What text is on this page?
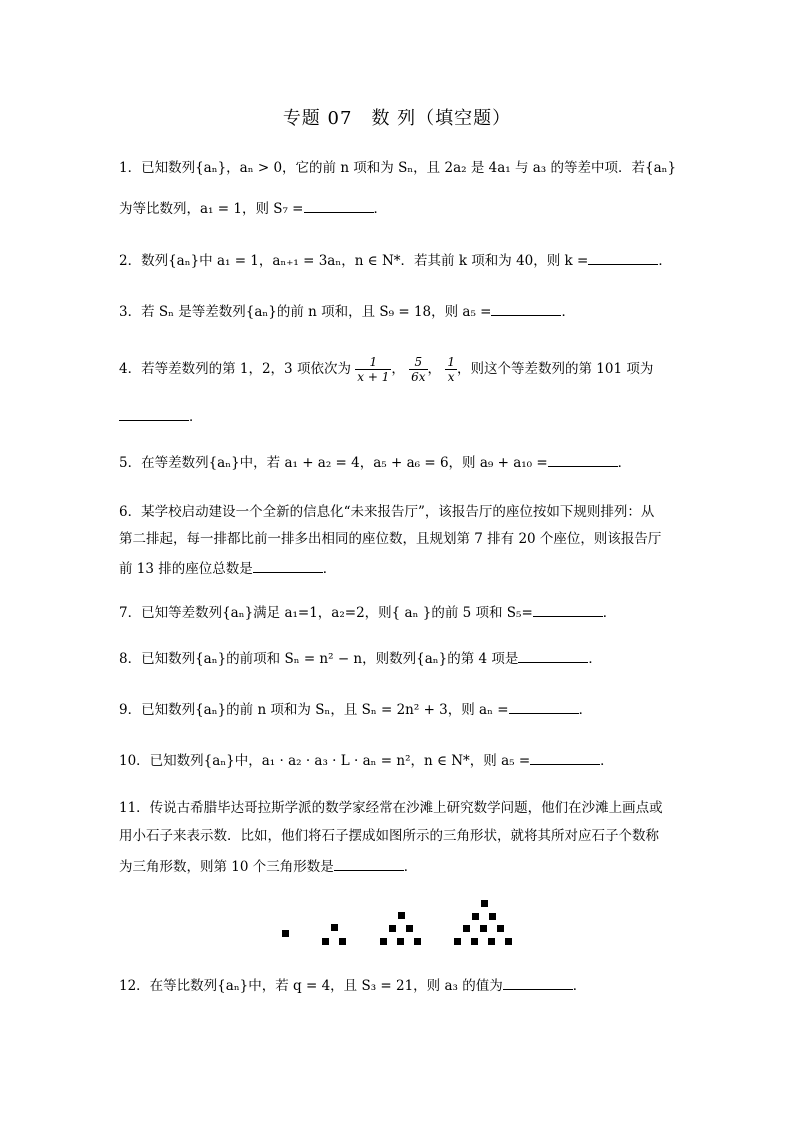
专题 07　数 列（填空题）
1．已知数列{aₙ}，aₙ > 0，它的前 n 项和为 Sₙ，且 2a₂ 是 4a₁ 与 a₃ 的等差中项．若{aₙ}
为等比数列，a₁ = 1，则 S₇ =	．
2．数列{aₙ}中 a₁ = 1，aₙ₊₁ = 3aₙ，n ∈ N*．若其前 k 项和为 40，则 k =	．
3．若 Sₙ 是等差数列{aₙ}的前 n 项和，且 S₉ = 18，则 a₅ =	．
4．若等差数列的第 1，2，3 项依次为 $\frac{1}{x + 1}$ ， $\frac{5}{6x}$ ， $\frac{1}{x}$ ，则这个等差数列的第 101 项为
．
5．在等差数列{aₙ}中，若 a₁ + a₂ = 4，a₅ + a₆ = 6，则 a₉ + a₁₀ =	．
6．某学校启动建设一个全新的信息化“未来报告厅”，该报告厅的座位按如下规则排列：从
第二排起，每一排都比前一排多出相同的座位数，且规划第 7 排有 20 个座位，则该报告厅
前 13 排的座位总数是	．
7．已知等差数列{aₙ}满足 a₁=1，a₂=2，则{ aₙ }的前 5 项和 S₅=	．
8．已知数列{aₙ}的前项和 Sₙ = n² − n，则数列{aₙ}的第 4 项是	．
9．已知数列{aₙ}的前 n 项和为 Sₙ，且 Sₙ = 2n² + 3，则 aₙ =	．
10．已知数列{aₙ}中，a₁ · a₂ · a₃ · L · aₙ = n²，n ∈ N*，则 a₅ =	．
11．传说古希腊毕达哥拉斯学派的数学家经常在沙滩上研究数学问题，他们在沙滩上画点或
用小石子来表示数．比如，他们将石子摆成如图所示的三角形状，就将其所对应石子个数称
为三角形数，则第 10 个三角形数是	．
12．在等比数列{aₙ}中，若 q = 4，且 S₃ = 21，则 a₃ 的值为	．
